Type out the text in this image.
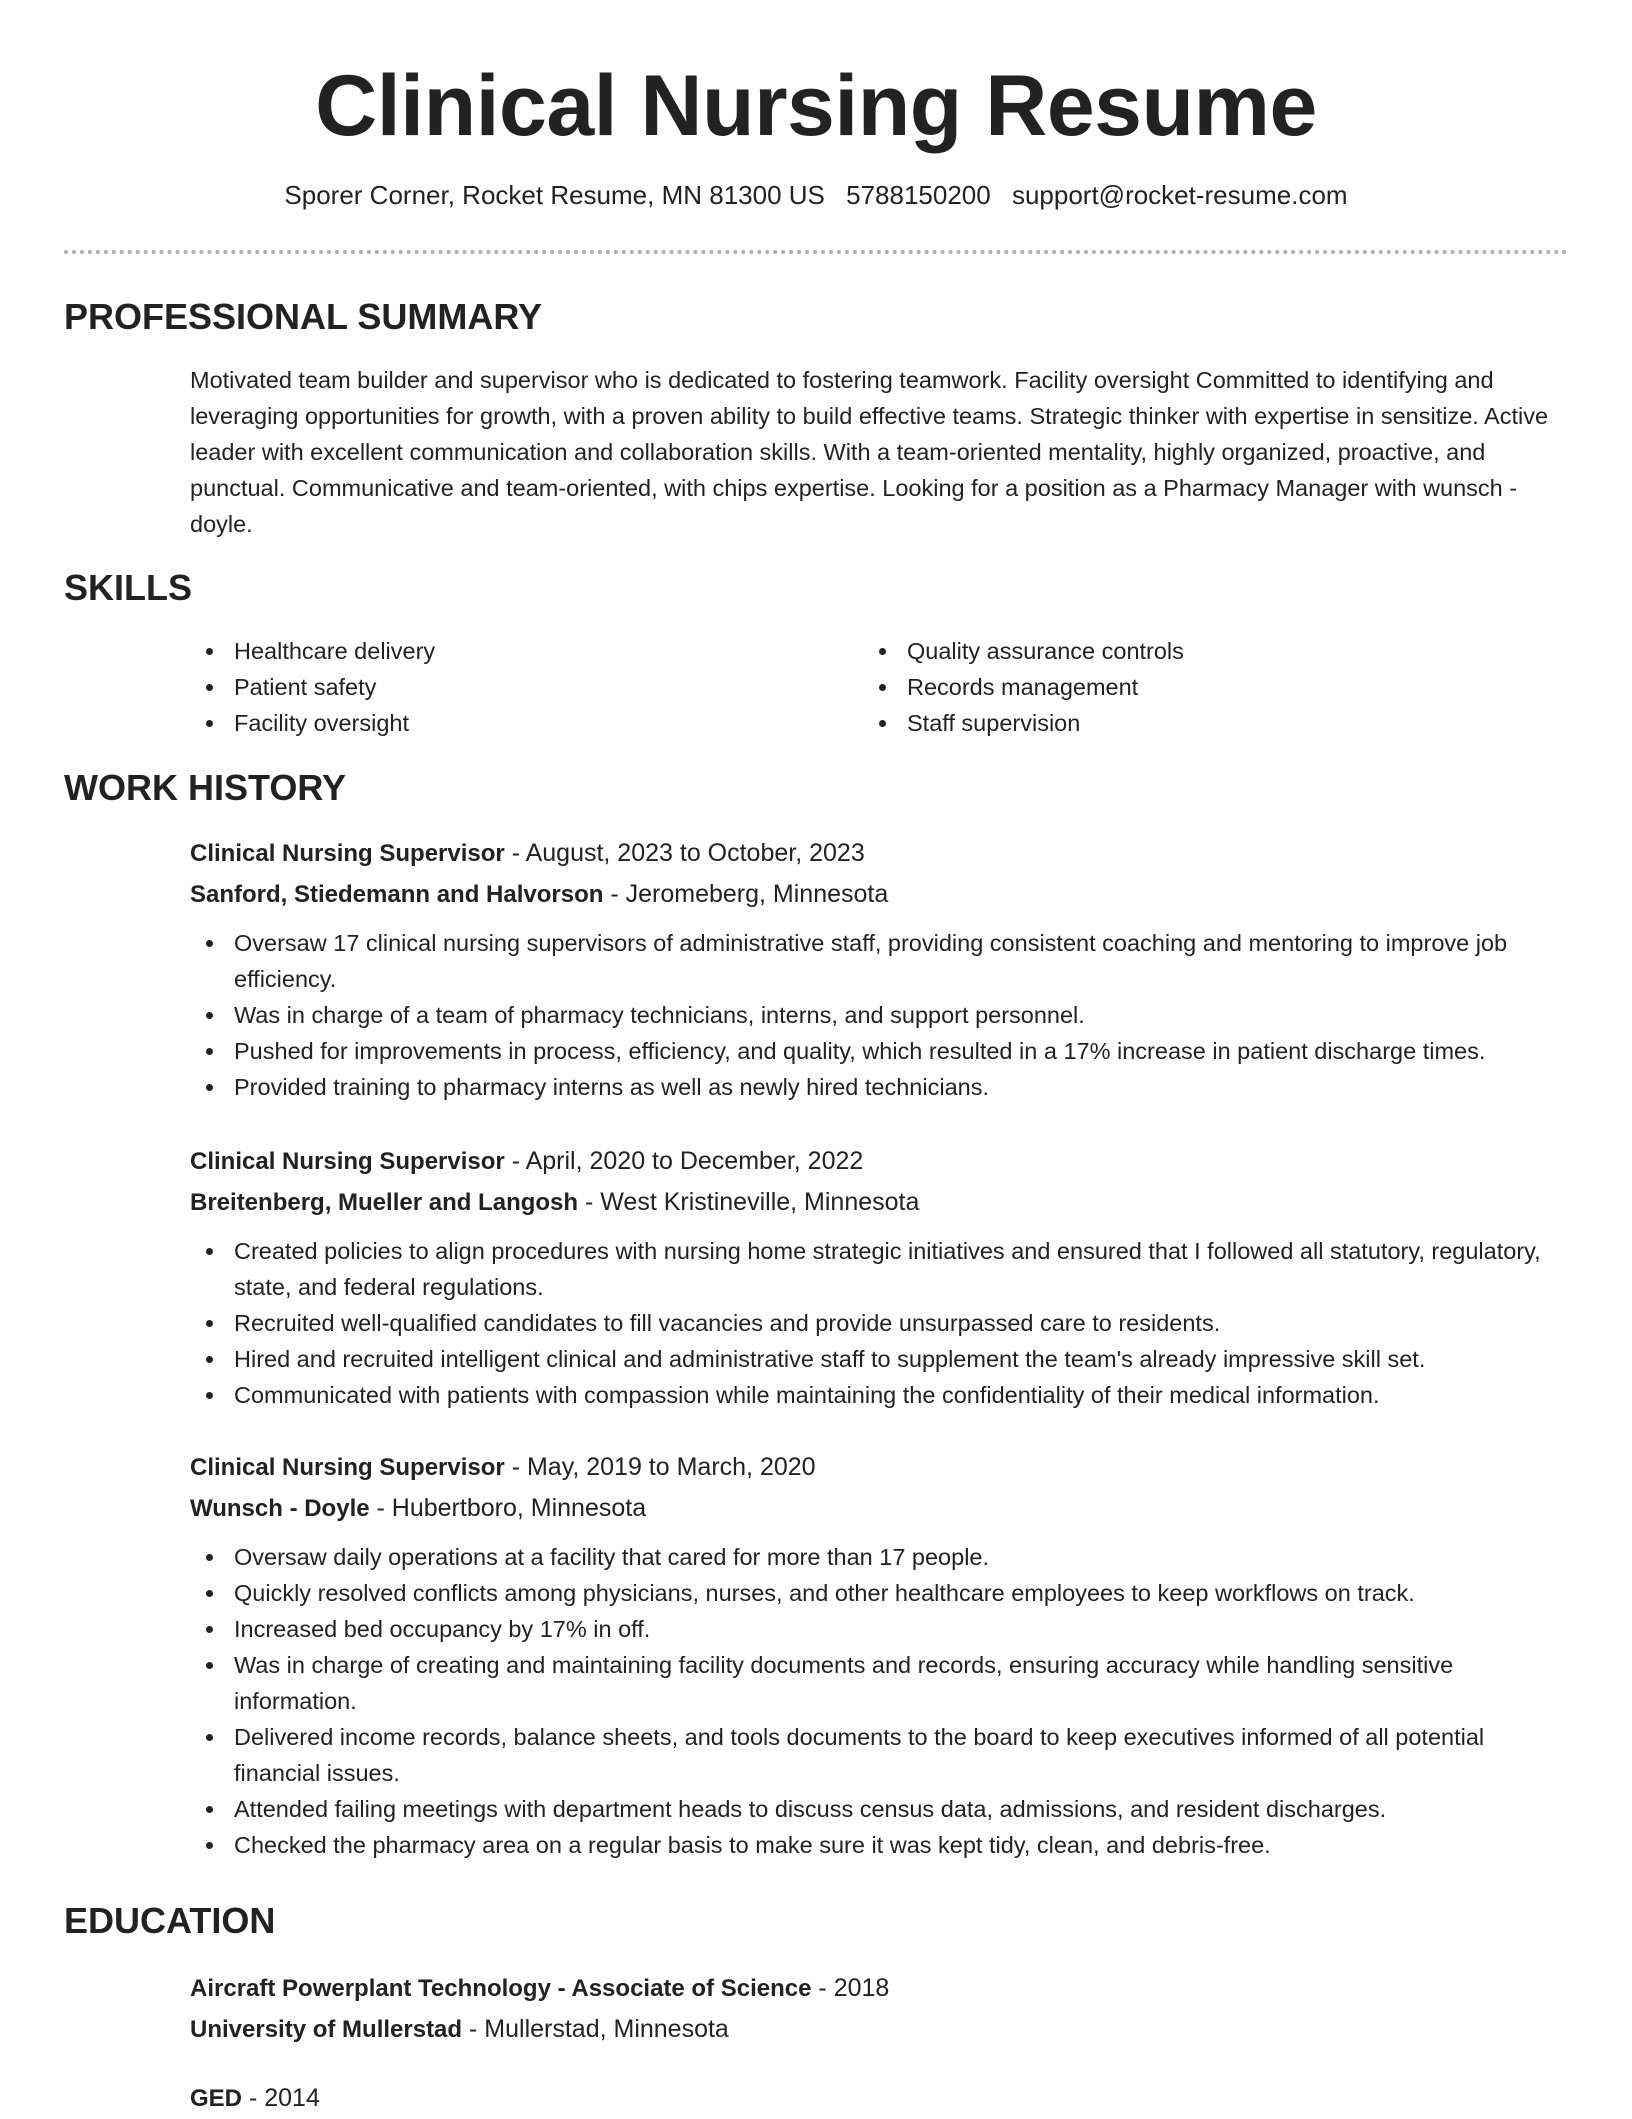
Clinical Nursing Resume
Sporer Corner, Rocket Resume, MN 81300 US 5788150200 support@rocket-resume.com
PROFESSIONAL SUMMARY

Motivated team builder and supervisor who is dedicated to fostering teamwork. Facility oversight Committed to identifying and leveraging opportunities for growth, with a proven ability to build effective teams. Strategic thinker with expertise in sensitize. Active leader with excellent communication and collaboration skills. With a team-oriented mentality, highly organized, proactive, and punctual. Communicative and team-oriented, with chips expertise. Looking for a position as a Pharmacy Manager with wunsch - doyle.

SKILLS
Healthcare delivery
Patient safety
Facility oversight
Quality assurance controls
Records management
Staff supervision
WORK HISTORY

Clinical Nursing Supervisor - August, 2023 to October, 2023

Sanford, Stiedemann and Halvorson - Jeromeberg, Minnesota

Oversaw 17 clinical nursing supervisors of administrative staff, providing consistent coaching and mentoring to improve job efficiency.
Was in charge of a team of pharmacy technicians, interns, and support personnel.
Pushed for improvements in process, efficiency, and quality, which resulted in a 17% increase in patient discharge times.
Provided training to pharmacy interns as well as newly hired technicians.

Clinical Nursing Supervisor - April, 2020 to December, 2022

Breitenberg, Mueller and Langosh - West Kristineville, Minnesota

Created policies to align procedures with nursing home strategic initiatives and ensured that I followed all statutory, regulatory, state, and federal regulations.
Recruited well-qualified candidates to fill vacancies and provide unsurpassed care to residents.
Hired and recruited intelligent clinical and administrative staff to supplement the team's already impressive skill set.
Communicated with patients with compassion while maintaining the confidentiality of their medical information.

Clinical Nursing Supervisor - May, 2019 to March, 2020

Wunsch - Doyle - Hubertboro, Minnesota

Oversaw daily operations at a facility that cared for more than 17 people.
Quickly resolved conflicts among physicians, nurses, and other healthcare employees to keep workflows on track.
Increased bed occupancy by 17% in off.
Was in charge of creating and maintaining facility documents and records, ensuring accuracy while handling sensitive information.
Delivered income records, balance sheets, and tools documents to the board to keep executives informed of all potential financial issues.
Attended failing meetings with department heads to discuss census data, admissions, and resident discharges.
Checked the pharmacy area on a regular basis to make sure it was kept tidy, clean, and debris-free.
EDUCATION

Aircraft Powerplant Technology - Associate of Science - 2018

University of Mullerstad - Mullerstad, Minnesota

GED - 2014
